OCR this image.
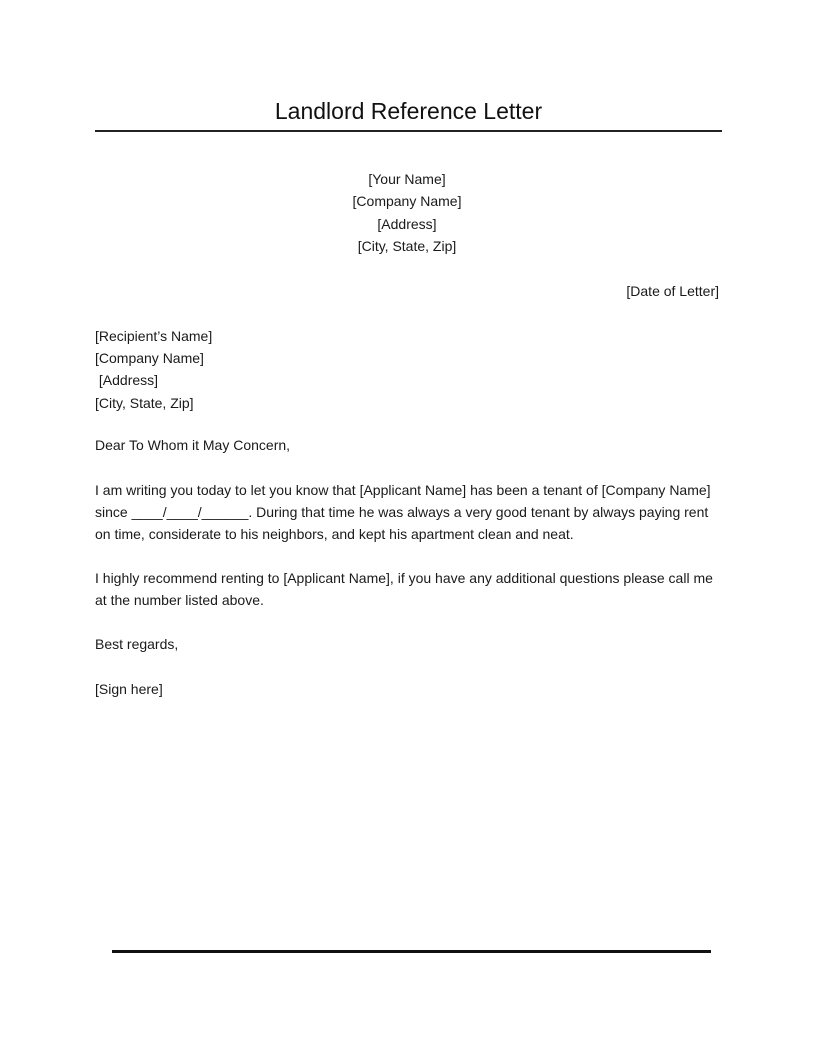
Landlord Reference Letter
[Your Name]
[Company Name]
[Address]
[City, State, Zip]
[Date of Letter]
[Recipient’s Name]
[Company Name]
[Address]
[City, State, Zip]
Dear To Whom it May Concern,
I am writing you today to let you know that [Applicant Name] has been a tenant of [Company Name] since ____/____/______. During that time he was always a very good tenant by always paying rent on time, considerate to his neighbors, and kept his apartment clean and neat.
I highly recommend renting to [Applicant Name], if you have any additional questions please call me at the number listed above.
Best regards,
[Sign here]
